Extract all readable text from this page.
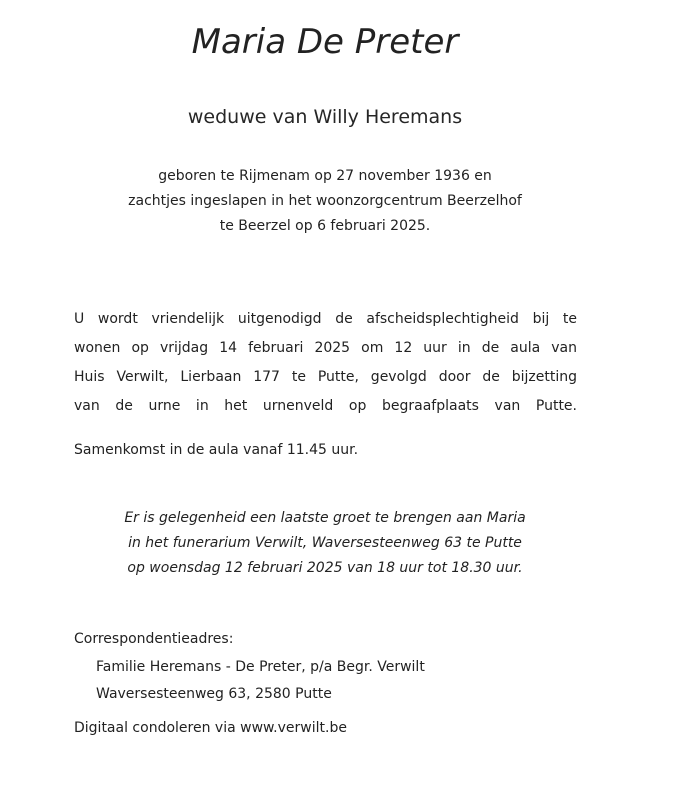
Maria De Preter
weduwe van Willy Heremans
geboren te Rijmenam op 27 november 1936 en
zachtjes ingeslapen in het woonzorgcentrum Beerzelhof
te Beerzel op 6 februari 2025.
U wordt vriendelijk uitgenodigd de afscheidsplechtigheid bij te
wonen op vrijdag 14 februari 2025 om 12 uur in de aula van
Huis Verwilt, Lierbaan 177 te Putte, gevolgd door de bijzetting
van de urne in het urnenveld op begraafplaats van Putte.
Samenkomst in de aula vanaf 11.45 uur.
Er is gelegenheid een laatste groet te brengen aan Maria
in het funerarium Verwilt, Waversesteenweg 63 te Putte
op woensdag 12 februari 2025 van 18 uur tot 18.30 uur.
Correspondentieadres:
Familie Heremans - De Preter, p/a Begr. Verwilt
Waversesteenweg 63, 2580 Putte
Digitaal condoleren via www.verwilt.be
